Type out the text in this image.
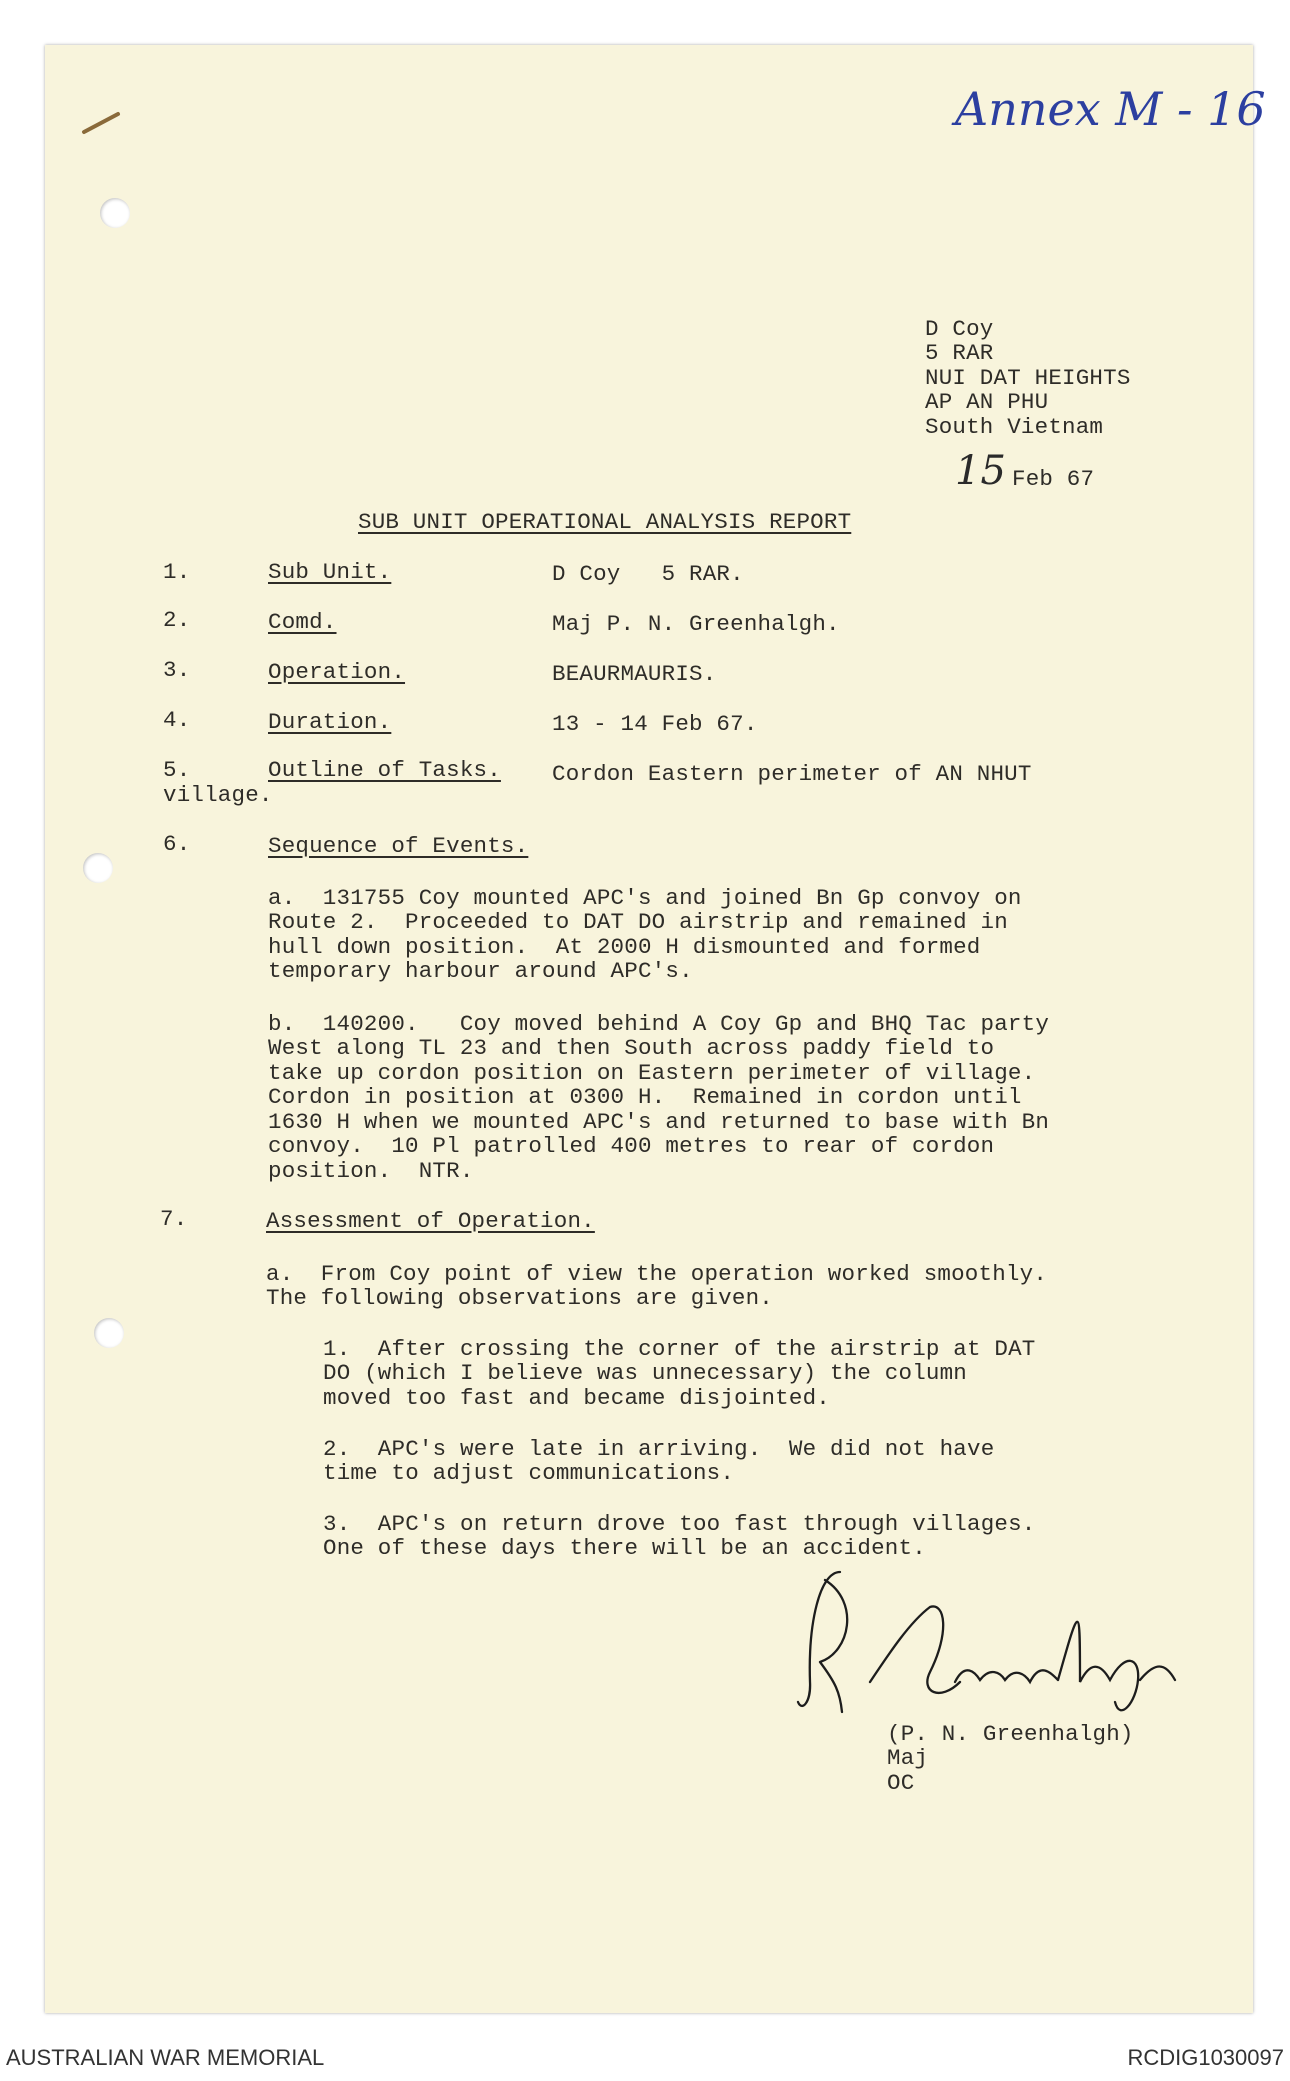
Annex M - 16
D Coy
5 RAR
NUI DAT HEIGHTS
AP AN PHU
South Vietnam
15 Feb 67
SUB UNIT OPERATIONAL ANALYSIS REPORT
1.	Sub Unit.	D Coy   5 RAR.
2.	Comd.	Maj P. N. Greenhalgh.
3.	Operation.	BEAURMAURIS.
4.	Duration.	13 - 14 Feb 67.
5.	Outline of Tasks. Cordon Eastern perimeter of AN NHUT
village.
6.	Sequence of Events.
a.  131755 Coy mounted APC's and joined Bn Gp convoy on
Route 2.  Proceeded to DAT DO airstrip and remained in
hull down position.  At 2000 H dismounted and formed
temporary harbour around APC's.
b.  140200.   Coy moved behind A Coy Gp and BHQ Tac party
West along TL 23 and then South across paddy field to
take up cordon position on Eastern perimeter of village.
Cordon in position at 0300 H.  Remained in cordon until
1630 H when we mounted APC's and returned to base with Bn
convoy.  10 Pl patrolled 400 metres to rear of cordon
position.  NTR.
7.	Assessment of Operation.
a.  From Coy point of view the operation worked smoothly.
The following observations are given.
1.  After crossing the corner of the airstrip at DAT
DO (which I believe was unnecessary) the column
moved too fast and became disjointed.
2.  APC's were late in arriving.  We did not have
time to adjust communications.
3.  APC's on return drove too fast through villages.
One of these days there will be an accident.
(P. N. Greenhalgh)
Maj
OC
AUSTRALIAN WAR MEMORIAL	RCDIG1030097
